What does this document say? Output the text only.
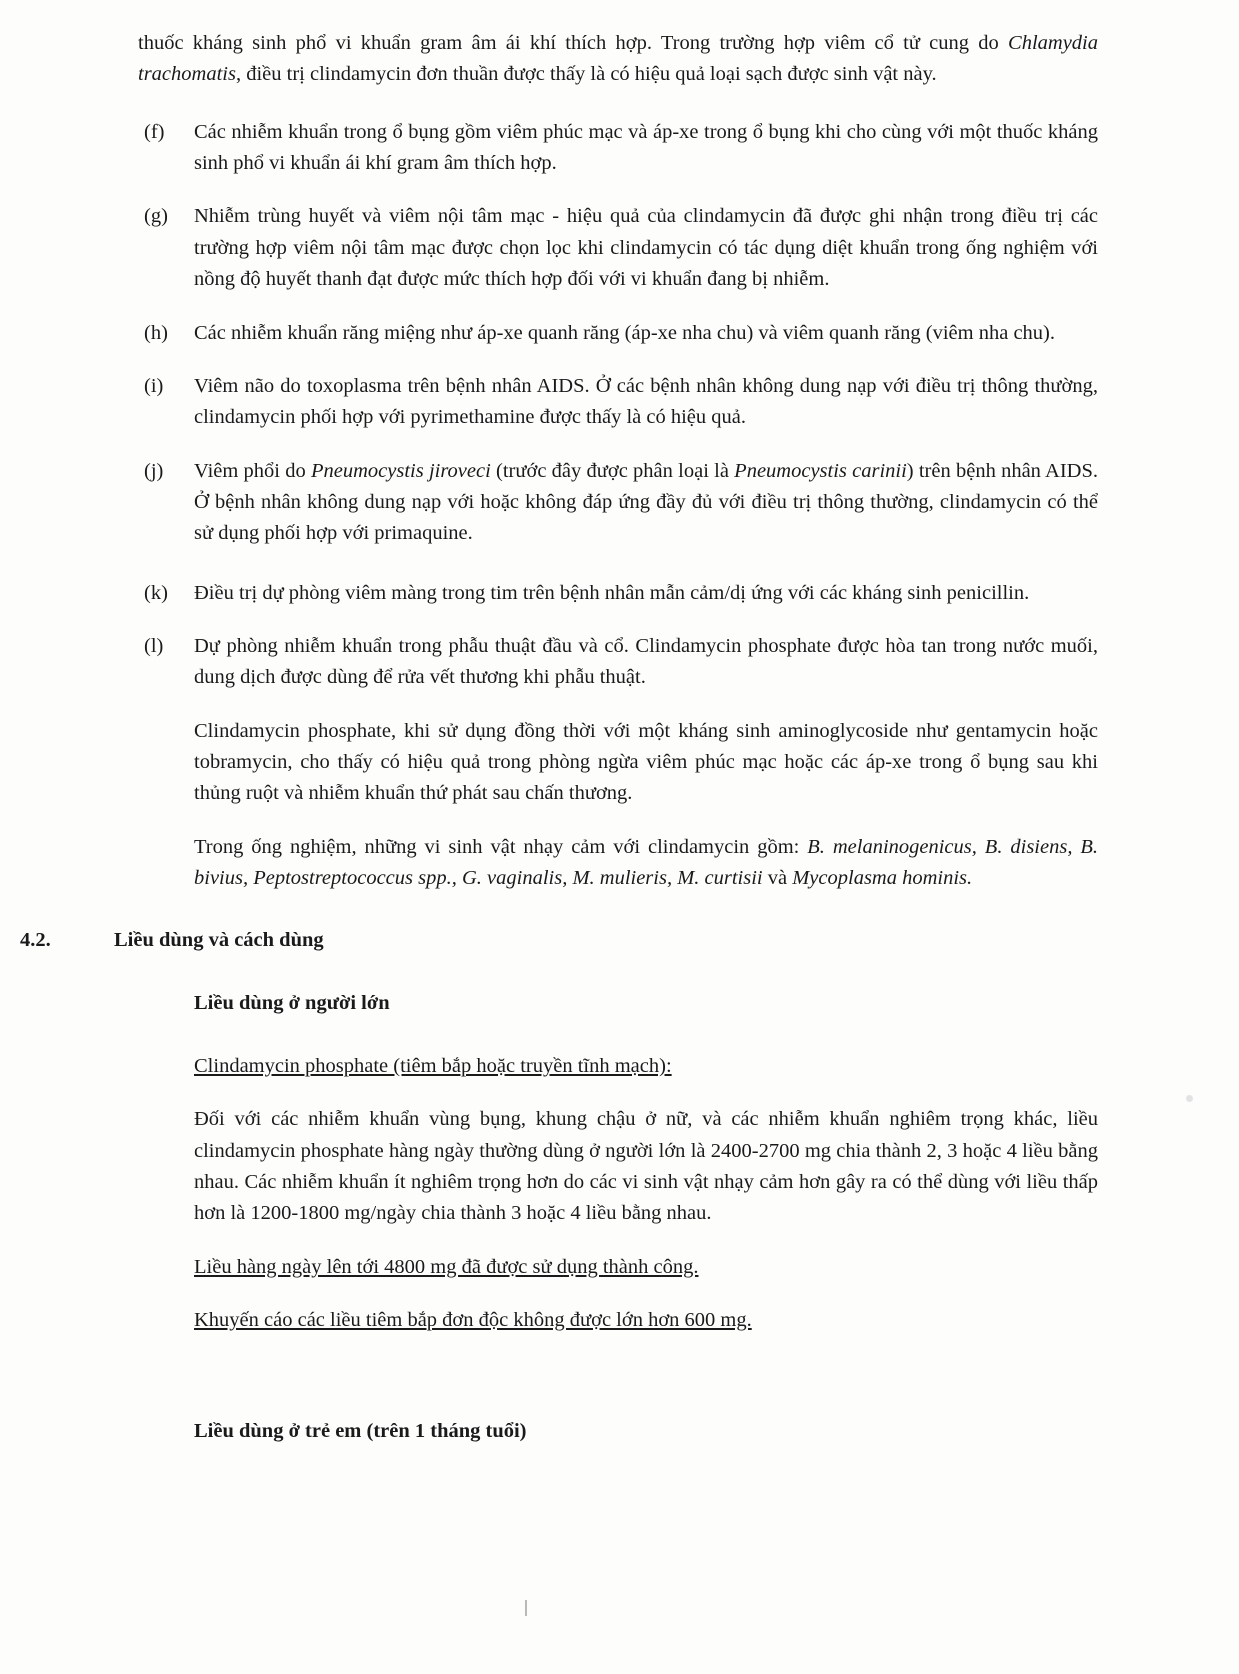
thuốc kháng sinh phổ vi khuẩn gram âm ái khí thích hợp. Trong trường hợp viêm cổ tử cung do Chlamydia trachomatis, điều trị clindamycin đơn thuần được thấy là có hiệu quả loại sạch được sinh vật này.

(f)	Các nhiễm khuẩn trong ổ bụng gồm viêm phúc mạc và áp-xe trong ổ bụng khi cho cùng với một thuốc kháng sinh phổ vi khuẩn ái khí gram âm thích hợp.
(g)	Nhiễm trùng huyết và viêm nội tâm mạc - hiệu quả của clindamycin đã được ghi nhận trong điều trị các trường hợp viêm nội tâm mạc được chọn lọc khi clindamycin có tác dụng diệt khuẩn trong ống nghiệm với nồng độ huyết thanh đạt được mức thích hợp đối với vi khuẩn đang bị nhiễm.
(h)	Các nhiễm khuẩn răng miệng như áp-xe quanh răng (áp-xe nha chu) và viêm quanh răng (viêm nha chu).
(i)	Viêm não do toxoplasma trên bệnh nhân AIDS. Ở các bệnh nhân không dung nạp với điều trị thông thường, clindamycin phối hợp với pyrimethamine được thấy là có hiệu quả.
(j)	Viêm phổi do Pneumocystis jiroveci (trước đây được phân loại là Pneumocystis carinii) trên bệnh nhân AIDS. Ở bệnh nhân không dung nạp với hoặc không đáp ứng đầy đủ với điều trị thông thường, clindamycin có thể sử dụng phối hợp với primaquine.
(k)	Điều trị dự phòng viêm màng trong tim trên bệnh nhân mẫn cảm/dị ứng với các kháng sinh penicillin.
(l)	Dự phòng nhiễm khuẩn trong phẫu thuật đầu và cổ. Clindamycin phosphate được hòa tan trong nước muối, dung dịch được dùng để rửa vết thương khi phẫu thuật.
Clindamycin phosphate, khi sử dụng đồng thời với một kháng sinh aminoglycoside như gentamycin hoặc tobramycin, cho thấy có hiệu quả trong phòng ngừa viêm phúc mạc hoặc các áp-xe trong ổ bụng sau khi thủng ruột và nhiễm khuẩn thứ phát sau chấn thương.
Trong ống nghiệm, những vi sinh vật nhạy cảm với clindamycin gồm: B. melaninogenicus, B. disiens, B. bivius, Peptostreptococcus spp., G. vaginalis, M. mulieris, M. curtisii và Mycoplasma hominis.
4.2.	Liều dùng và cách dùng
Liều dùng ở người lớn
Clindamycin phosphate (tiêm bắp hoặc truyền tĩnh mạch):
Đối với các nhiễm khuẩn vùng bụng, khung chậu ở nữ, và các nhiễm khuẩn nghiêm trọng khác, liều clindamycin phosphate hàng ngày thường dùng ở người lớn là 2400-2700 mg chia thành 2, 3 hoặc 4 liều bằng nhau. Các nhiễm khuẩn ít nghiêm trọng hơn do các vi sinh vật nhạy cảm hơn gây ra có thể dùng với liều thấp hơn là 1200-1800 mg/ngày chia thành 3 hoặc 4 liều bằng nhau.
Liều hàng ngày lên tới 4800 mg đã được sử dụng thành công.
Khuyến cáo các liều tiêm bắp đơn độc không được lớn hơn 600 mg.
Liều dùng ở trẻ em (trên 1 tháng tuổi)
